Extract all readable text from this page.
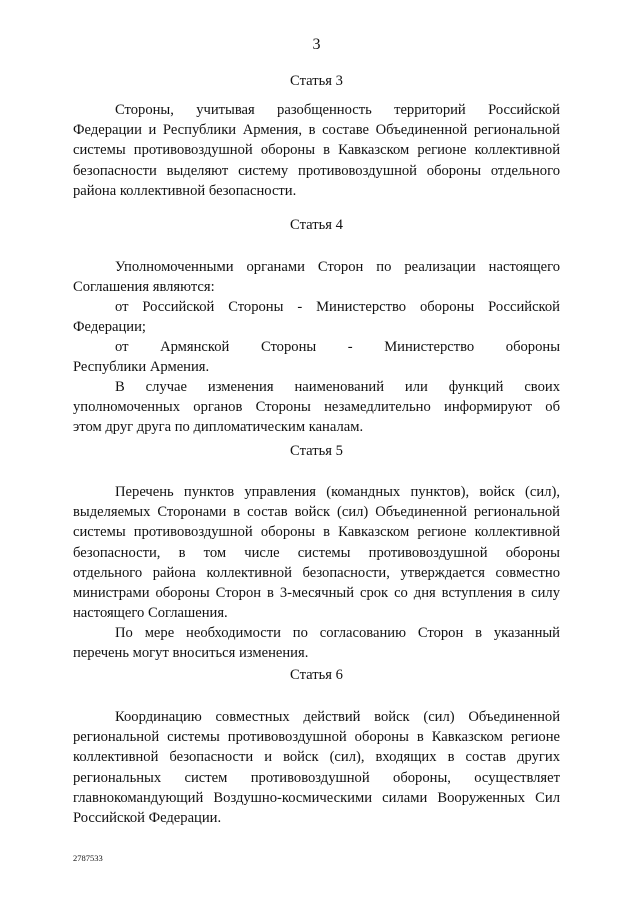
3
Статья 3
Стороны, учитывая разобщенность территорий Российской
Федерации и Республики Армения, в составе Объединенной региональной
системы противовоздушной обороны в Кавказском регионе коллективной
безопасности выделяют систему противовоздушной обороны отдельного
района коллективной безопасности.
Статья 4
Уполномоченными органами Сторон по реализации настоящего
Соглашения являются:
от Российской Стороны - Министерство обороны Российской
Федерации;
от Армянской Стороны - Министерство обороны
Республики Армения.
В случае изменения наименований или функций своих
уполномоченных органов Стороны незамедлительно информируют об
этом друг друга по дипломатическим каналам.
Статья 5
Перечень пунктов управления (командных пунктов), войск (сил),
выделяемых Сторонами в состав войск (сил) Объединенной региональной
системы противовоздушной обороны в Кавказском регионе коллективной
безопасности, в том числе системы противовоздушной обороны
отдельного района коллективной безопасности, утверждается совместно
министрами обороны Сторон в 3-месячный срок со дня вступления в силу
настоящего Соглашения.
По мере необходимости по согласованию Сторон в указанный
перечень могут вноситься изменения.
Статья 6
Координацию совместных действий войск (сил) Объединенной
региональной системы противовоздушной обороны в Кавказском регионе
коллективной безопасности и войск (сил), входящих в состав других
региональных систем противовоздушной обороны, осуществляет
главнокомандующий Воздушно-космическими силами Вооруженных Сил
Российской Федерации.
2787533
